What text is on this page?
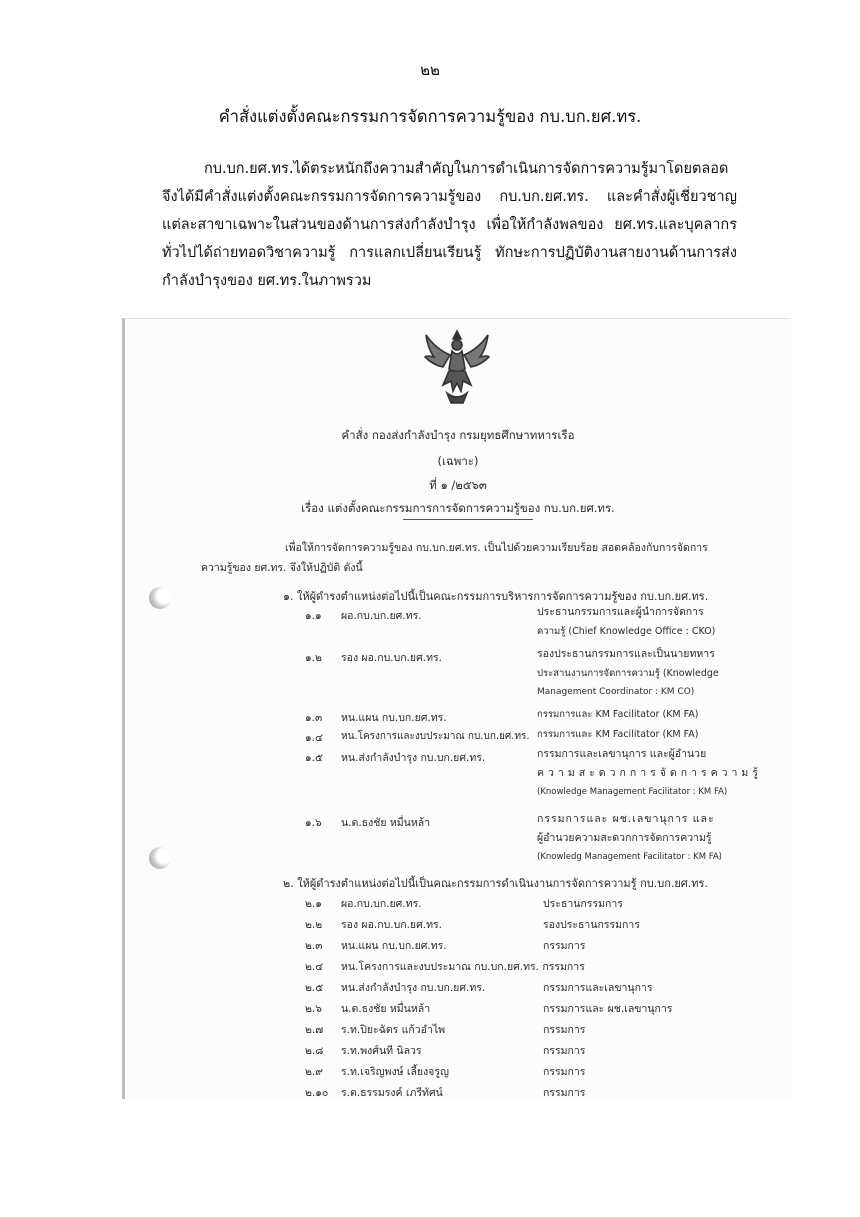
๒๒
คำสั่งแต่งตั้งคณะกรรมการจัดการความรู้ของ กบ.บก.ยศ.ทร.

กบ.บก.ยศ.ทร.ได้ตระหนักถึงความสำคัญในการดำเนินการจัดการความรู้มาโดยตลอด จึงได้มีคำสั่งแต่งตั้งคณะกรรมการจัดการความรู้ของ กบ.บก.ยศ.ทร. และคำสั่งผู้เชี่ยวชาญแต่ละสาขาเฉพาะในส่วนของด้านการส่งกำลังบำรุง เพื่อให้กำลังพลของ ยศ.ทร.และบุคลากรทั่วไปได้ถ่ายทอดวิชาความรู้ การแลกเปลี่ยนเรียนรู้ ทักษะการปฏิบัติงานสายงานด้านการส่งกำลังบำรุงของ ยศ.ทร.ในภาพรวม

คำสั่ง กองส่งกำลังบำรุง กรมยุทธศึกษาทหารเรือ
(เฉพาะ)
ที่ ๑ /๒๕๖๓
เรื่อง แต่งตั้งคณะกรรมการการจัดการความรู้ของ กบ.บก.ยศ.ทร.
เพื่อให้การจัดการความรู้ของ กบ.บก.ยศ.ทร. เป็นไปด้วยความเรียบร้อย สอดคล้องกับการจัดการ
ความรู้ของ ยศ.ทร. จึงให้ปฏิบัติ ดังนี้
๑. ให้ผู้ดำรงตำแหน่งต่อไปนี้เป็นคณะกรรมการบริหารการจัดการความรู้ของ กบ.บก.ยศ.ทร.
๑.๑ ผอ.กบ.บก.ยศ.ทร.	ประธานกรรมการและผู้นำการจัดการ
ความรู้ (Chief Knowledge Office : CKO)
๑.๒ รอง ผอ.กบ.บก.ยศ.ทร.	รองประธานกรรมการและเป็นนายทหาร
ประสานงานการจัดการความรู้ (Knowledge
Management Coordinator : KM CO)
๑.๓ หน.แผน กบ.บก.ยศ.ทร.	กรรมการและ KM Facilitator (KM FA)
๑.๔ หน.โครงการและงบประมาณ กบ.บก.ยศ.ทร. กรรมการและ KM Facilitator (KM FA)
๑.๕ หน.ส่งกำลังบำรุง กบ.บก.ยศ.ทร.	กรรมการและเลขานุการ และผู้อำนวย
ความสะดวกการจัดการความรู้
(Knowledge Management Facilitator : KM FA)
๑.๖ น.ต.ธงชัย หมื่นหล้า	กรรมการและ ผช.เลขานุการ และ
ผู้อำนวยความสะดวกการจัดการความรู้
(Knowledg Management Facilitator : KM FA)
๒. ให้ผู้ดำรงตำแหน่งต่อไปนี้เป็นคณะกรรมการดำเนินงานการจัดการความรู้ กบ.บก.ยศ.ทร.
๒.๑ ผอ.กบ.บก.ยศ.ทร.	ประธานกรรมการ
๒.๒ รอง ผอ.กบ.บก.ยศ.ทร.	รองประธานกรรมการ
๒.๓ หน.แผน กบ.บก.ยศ.ทร.	กรรมการ
๒.๔ หน.โครงการและงบประมาณ กบ.บก.ยศ.ทร. กรรมการ
๒.๕ หน.ส่งกำลังบำรุง กบ.บก.ยศ.ทร.	กรรมการและเลขานุการ
๒.๖ น.ต.ธงชัย หมื่นหล้า	กรรมการและ ผช.เลขานุการ
๒.๗ ร.ท.ปิยะฉัตร แก้วอำไพ	กรรมการ
๒.๘ ร.ท.พงศ์นที นิลวร	กรรมการ
๒.๙ ร.ท.เจริญพงษ์ เลี้ยงจรูญ	กรรมการ
๒.๑๐ ร.ต.ธรรมรงค์ เภรีทัศน์	กรรมการ
